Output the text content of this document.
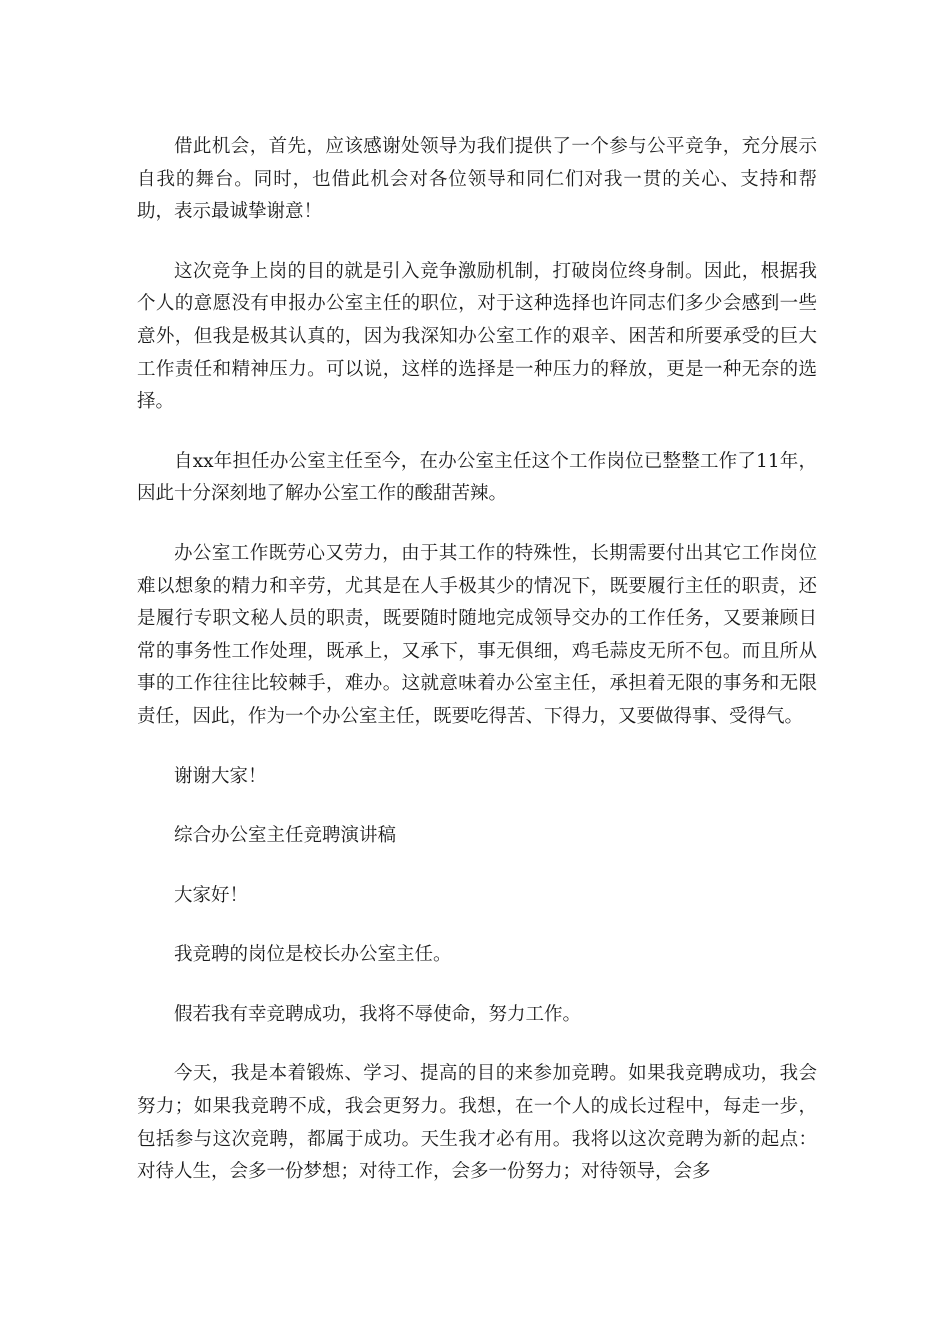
借此机会，首先，应该感谢处领导为我们提供了一个参与公平竞争，充分展示自我的舞台。同时，也借此机会对各位领导和同仁们对我一贯的关心、支持和帮助，表示最诚挚谢意！

这次竞争上岗的目的就是引入竞争激励机制，打破岗位终身制。因此，根据我个人的意愿没有申报办公室主任的职位，对于这种选择也许同志们多少会感到一些意外，但我是极其认真的，因为我深知办公室工作的艰辛、困苦和所要承受的巨大工作责任和精神压力。可以说，这样的选择是一种压力的释放，更是一种无奈的选择。

自xx年担任办公室主任至今，在办公室主任这个工作岗位已整整工作了11年，因此十分深刻地了解办公室工作的酸甜苦辣。

办公室工作既劳心又劳力，由于其工作的特殊性，长期需要付出其它工作岗位难以想象的精力和辛劳，尤其是在人手极其少的情况下，既要履行主任的职责，还是履行专职文秘人员的职责，既要随时随地完成领导交办的工作任务，又要兼顾日常的事务性工作处理，既承上，又承下，事无俱细，鸡毛蒜皮无所不包。而且所从事的工作往往比较棘手，难办。这就意味着办公室主任，承担着无限的事务和无限责任，因此，作为一个办公室主任，既要吃得苦、下得力，又要做得事、受得气。

谢谢大家！

综合办公室主任竞聘演讲稿

大家好！

我竞聘的岗位是校长办公室主任。

假若我有幸竞聘成功，我将不辱使命，努力工作。

今天，我是本着锻炼、学习、提高的目的来参加竞聘。如果我竞聘成功，我会努力；如果我竞聘不成，我会更努力。我想，在一个人的成长过程中，每走一步，包括参与这次竞聘，都属于成功。天生我才必有用。我将以这次竞聘为新的起点：对待人生，会多一份梦想；对待工作，会多一份努力；对待领导，会多
